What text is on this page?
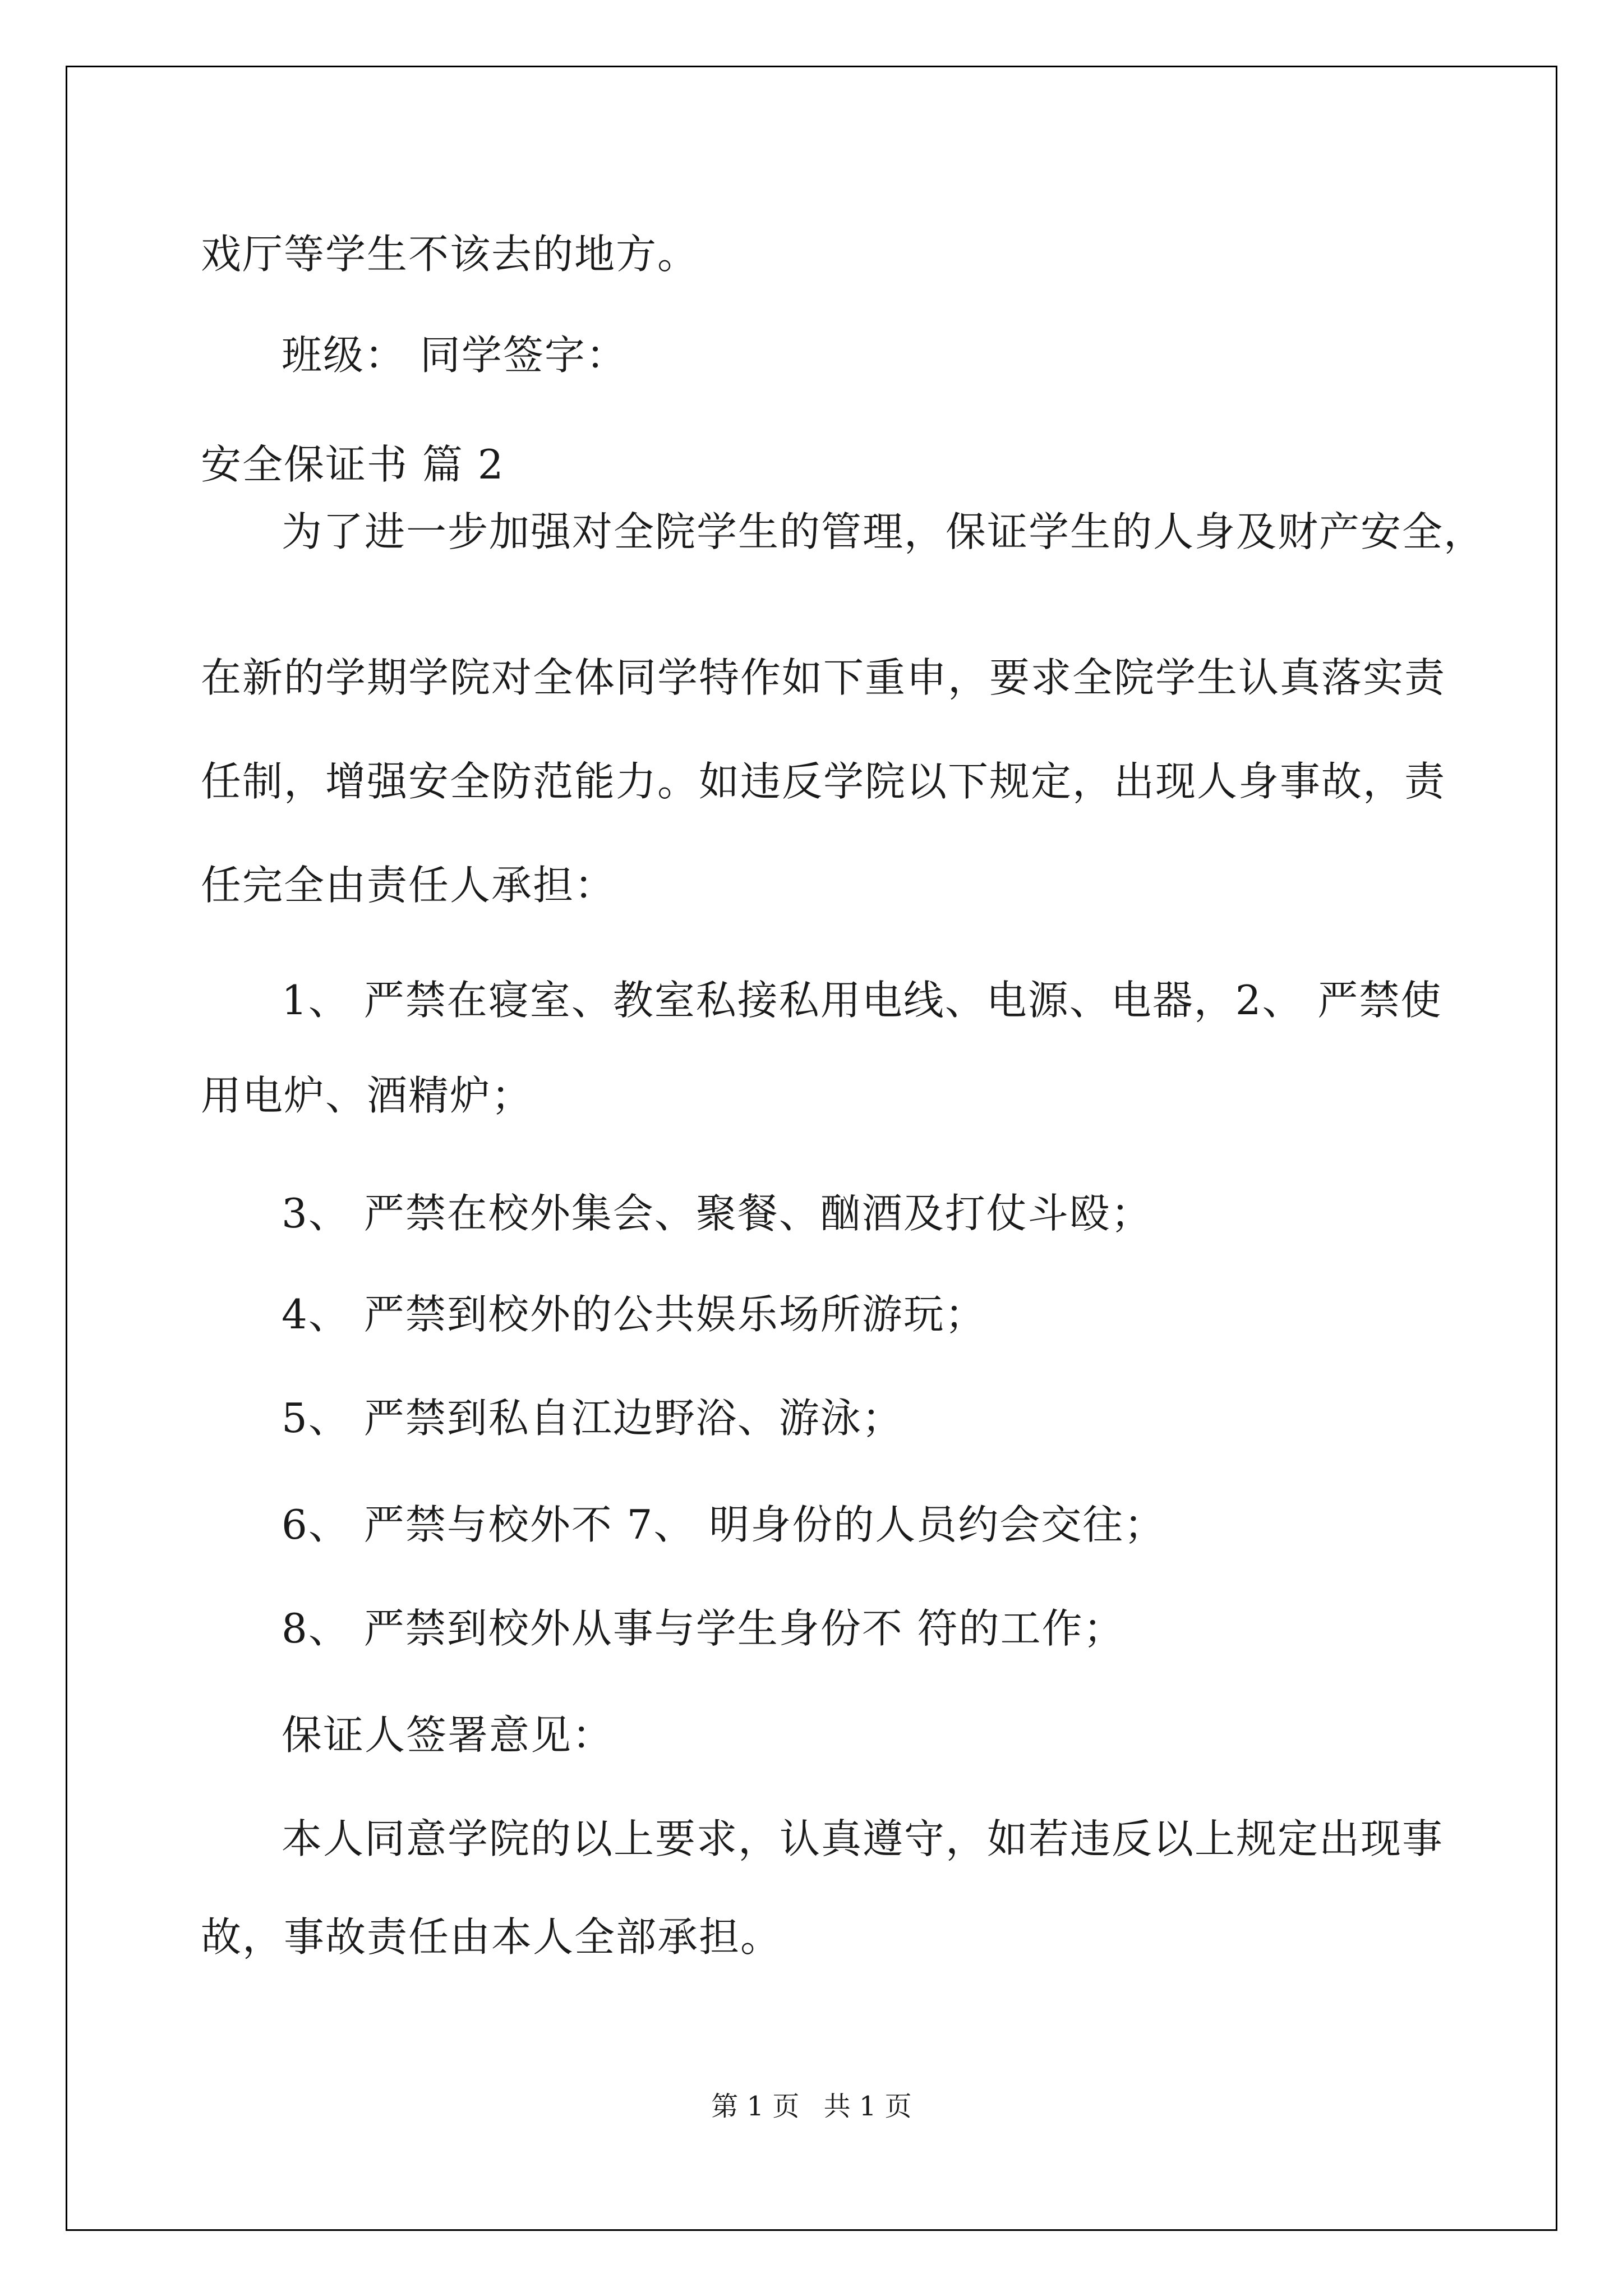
戏厅等学生不该去的地方。

班级： 同学签字：

安全保证书 篇 2

为了进一步加强对全院学生的管理，保证学生的人身及财产安全，

在新的学期学院对全体同学特作如下重申，要求全院学生认真落实责

任制，增强安全防范能力。如违反学院以下规定，出现人身事故，责

任完全由责任人承担：

1、 严禁在寝室、教室私接私用电线、电源、电器，2、 严禁使

用电炉、酒精炉；

3、 严禁在校外集会、聚餐、酗酒及打仗斗殴；

4、 严禁到校外的公共娱乐场所游玩；

5、 严禁到私自江边野浴、游泳；

6、 严禁与校外不 7、 明身份的人员约会交往；

8、 严禁到校外从事与学生身份不 符的工作；

保证人签署意见：

本人同意学院的以上要求，认真遵守，如若违反以上规定出现事

故，事故责任由本人全部承担。

第 1 页 共 1 页
